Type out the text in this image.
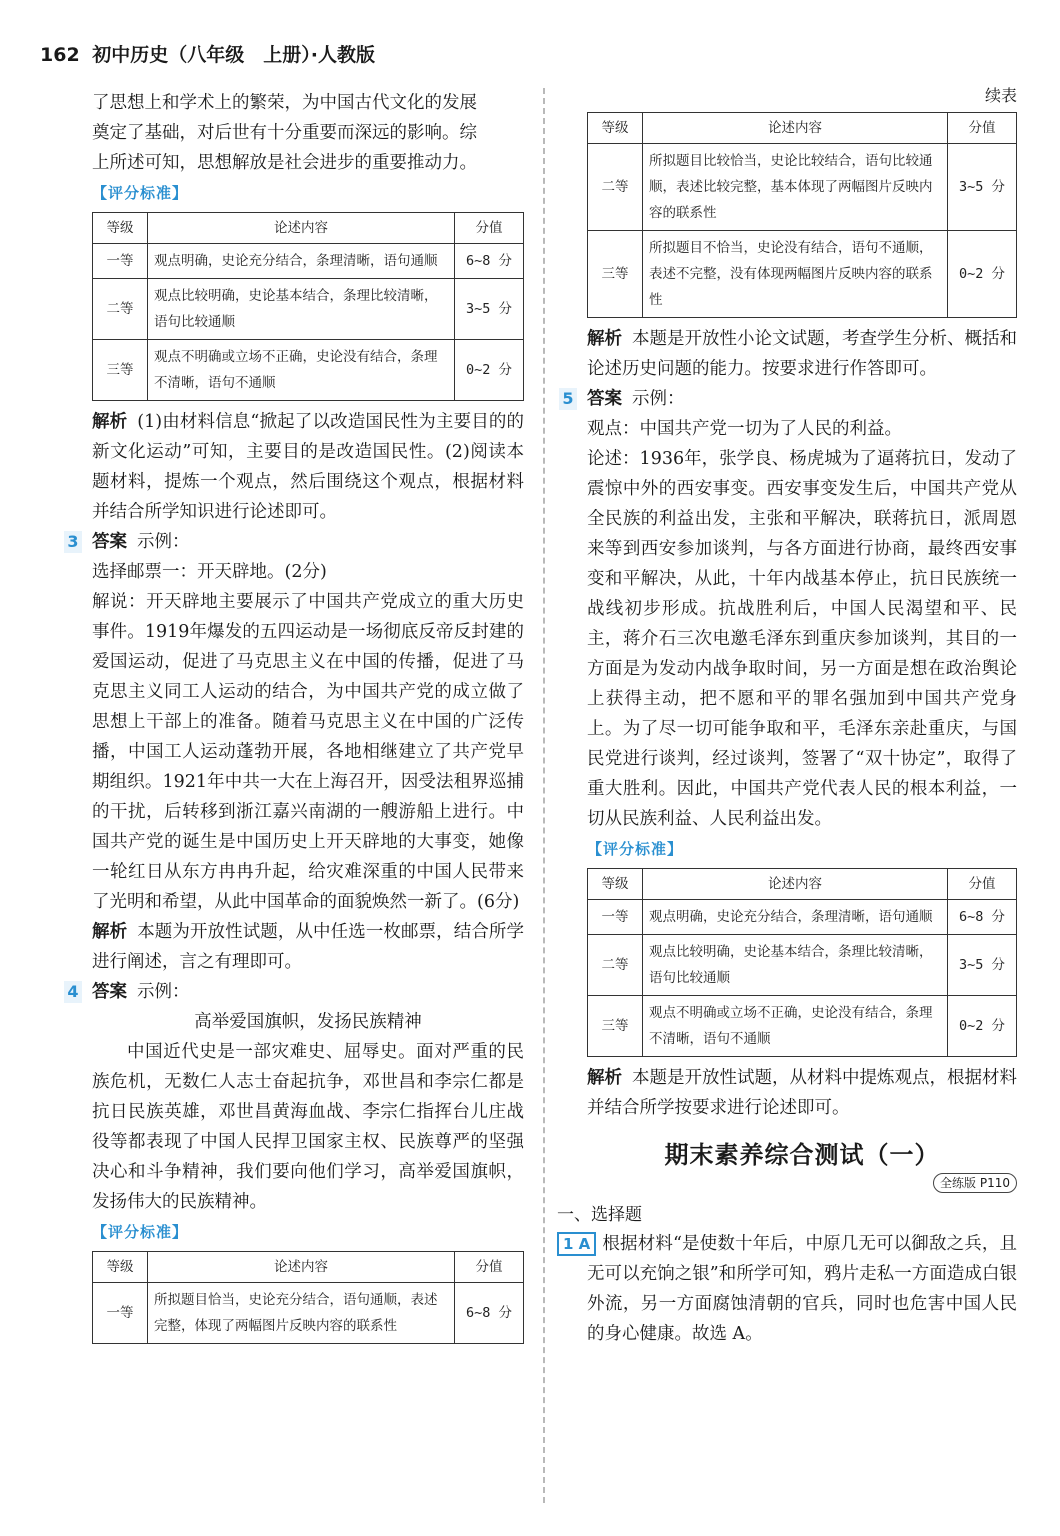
162 初中历史（八年级　上册）·人教版

了思想上和学术上的繁荣，为中国古代文化的发展

奠定了基础，对后世有十分重要而深远的影响。综

上所述可知，思想解放是社会进步的重要推动力。

【评分标准】

等级	论述内容	分值
一等	观点明确，史论充分结合，条理清晰，语句通顺	6~8 分
二等	观点比较明确，史论基本结合，条理比较清晰，语句比较通顺	3~5 分
三等	观点不明确或立场不正确，史论没有结合，条理不清晰，语句不通顺	0~2 分

解析 (1)由材料信息“掀起了以改造国民性为主要目的的新文化运动”可知，主要目的是改造国民性。(2)阅读本题材料，提炼一个观点，然后围绕这个观点，根据材料并结合所学知识进行论述即可。

3 答案 示例：

选择邮票一：开天辟地。(2分)

解说：开天辟地主要展示了中国共产党成立的重大历史事件。1919年爆发的五四运动是一场彻底反帝反封建的爱国运动，促进了马克思主义在中国的传播，促进了马克思主义同工人运动的结合，为中国共产党的成立做了思想上干部上的准备。随着马克思主义在中国的广泛传播，中国工人运动蓬勃开展，各地相继建立了共产党早期组织。1921年中共一大在上海召开，因受法租界巡捕的干扰，后转移到浙江嘉兴南湖的一艘游船上进行。中国共产党的诞生是中国历史上开天辟地的大事变，她像一轮红日从东方冉冉升起，给灾难深重的中国人民带来了光明和希望，从此中国革命的面貌焕然一新了。(6分)

解析 本题为开放性试题，从中任选一枚邮票，结合所学进行阐述，言之有理即可。

4 答案 示例：

高举爱国旗帜，发扬民族精神

中国近代史是一部灾难史、屈辱史。面对严重的民族危机，无数仁人志士奋起抗争，邓世昌和李宗仁都是抗日民族英雄，邓世昌黄海血战、李宗仁指挥台儿庄战役等都表现了中国人民捍卫国家主权、民族尊严的坚强决心和斗争精神，我们要向他们学习，高举爱国旗帜，发扬伟大的民族精神。

【评分标准】

等级	论述内容	分值
一等	所拟题目恰当，史论充分结合，语句通顺，表述完整，体现了两幅图片反映内容的联系性	6~8 分

续表

等级	论述内容	分值
二等	所拟题目比较恰当，史论比较结合，语句比较通顺，表述比较完整，基本体现了两幅图片反映内容的联系性	3~5 分
三等	所拟题目不恰当，史论没有结合，语句不通顺，表述不完整，没有体现两幅图片反映内容的联系性	0~2 分

解析 本题是开放性小论文试题，考查学生分析、概括和论述历史问题的能力。按要求进行作答即可。

5 答案 示例：

观点：中国共产党一切为了人民的利益。

论述：1936年，张学良、杨虎城为了逼蒋抗日，发动了震惊中外的西安事变。西安事变发生后，中国共产党从全民族的利益出发，主张和平解决，联蒋抗日，派周恩来等到西安参加谈判，与各方面进行协商，最终西安事变和平解决，从此，十年内战基本停止，抗日民族统一战线初步形成。抗战胜利后，中国人民渴望和平、民主，蒋介石三次电邀毛泽东到重庆参加谈判，其目的一方面是为发动内战争取时间，另一方面是想在政治舆论上获得主动，把不愿和平的罪名强加到中国共产党身上。为了尽一切可能争取和平，毛泽东亲赴重庆，与国民党进行谈判，经过谈判，签署了“双十协定”，取得了重大胜利。因此，中国共产党代表人民的根本利益，一切从民族利益、人民利益出发。

【评分标准】

等级	论述内容	分值
一等	观点明确，史论充分结合，条理清晰，语句通顺	6~8 分
二等	观点比较明确，史论基本结合，条理比较清晰，语句比较通顺	3~5 分
三等	观点不明确或立场不正确，史论没有结合，条理不清晰，语句不通顺	0~2 分

解析 本题是开放性试题，从材料中提炼观点，根据材料并结合所学按要求进行论述即可。

期末素养综合测试（一）

全练版 P110

一、选择题

1 A 根据材料“是使数十年后，中原几无可以御敌之兵，且无可以充饷之银”和所学可知，鸦片走私一方面造成白银外流，另一方面腐蚀清朝的官兵，同时也危害中国人民的身心健康。故选 A。
